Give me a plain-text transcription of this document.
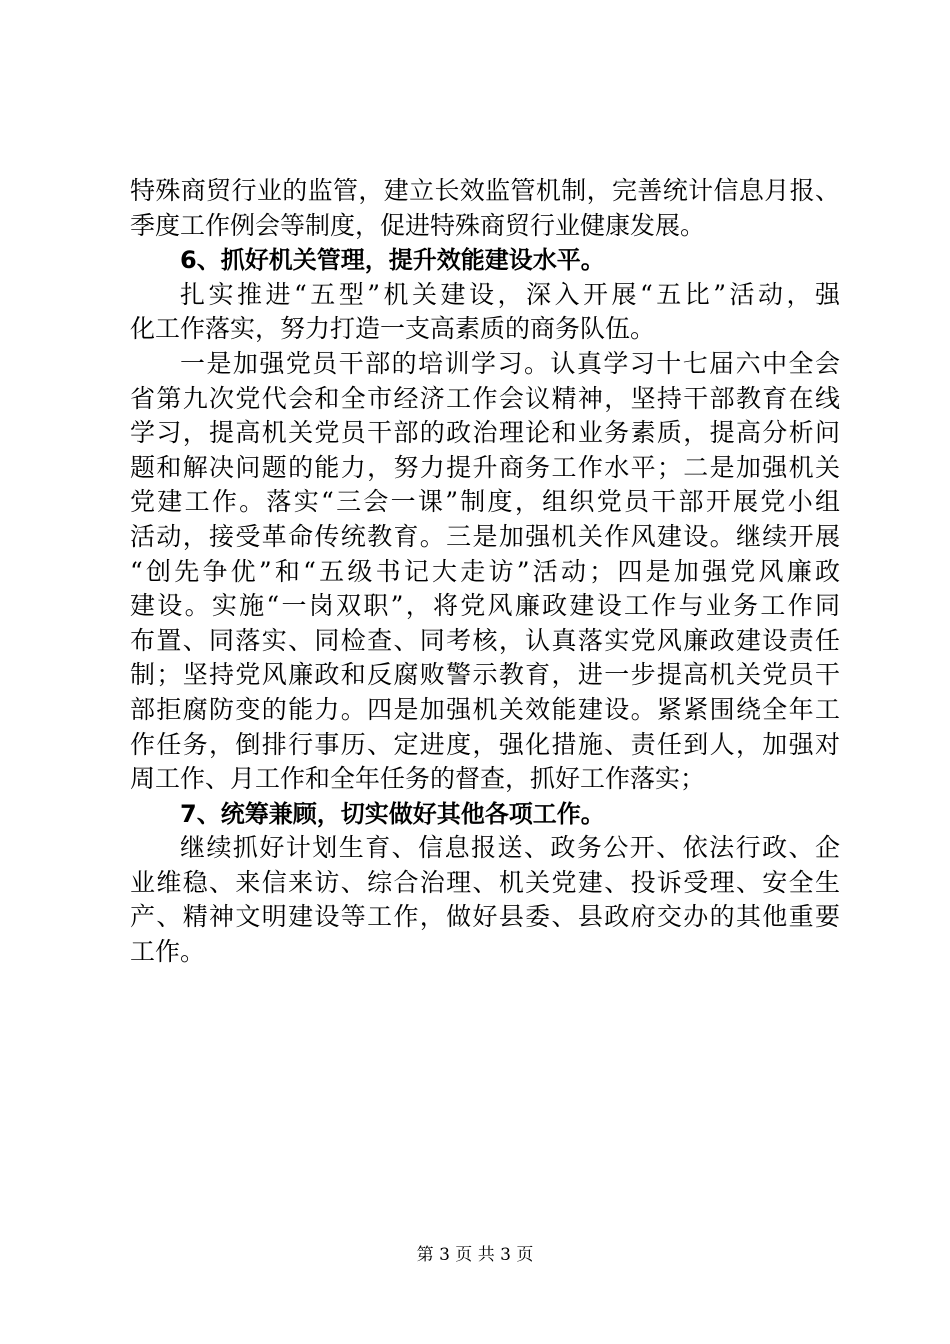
特殊商贸行业的监管，建立长效监管机制，完善统计信息月报、
季度工作例会等制度，促进特殊商贸行业健康发展。
6、抓好机关管理，提升效能建设水平。
扎实推进“五型”机关建设，深入开展“五比”活动，强
化工作落实，努力打造一支高素质的商务队伍。
一是加强党员干部的培训学习。认真学习十七届六中全会
省第九次党代会和全市经济工作会议精神，坚持干部教育在线
学习，提高机关党员干部的政治理论和业务素质，提高分析问
题和解决问题的能力，努力提升商务工作水平；二是加强机关
党建工作。落实“三会一课”制度，组织党员干部开展党小组
活动，接受革命传统教育。三是加强机关作风建设。继续开展
“创先争优”和“五级书记大走访”活动；四是加强党风廉政
建设。实施“一岗双职”，将党风廉政建设工作与业务工作同
布置、同落实、同检查、同考核，认真落实党风廉政建设责任
制；坚持党风廉政和反腐败警示教育，进一步提高机关党员干
部拒腐防变的能力。四是加强机关效能建设。紧紧围绕全年工
作任务，倒排行事历、定进度，强化措施、责任到人，加强对
周工作、月工作和全年任务的督查，抓好工作落实；
7、统筹兼顾，切实做好其他各项工作。
继续抓好计划生育、信息报送、政务公开、依法行政、企
业维稳、来信来访、综合治理、机关党建、投诉受理、安全生
产、精神文明建设等工作，做好县委、县政府交办的其他重要
工作。
第 3 页 共 3 页
